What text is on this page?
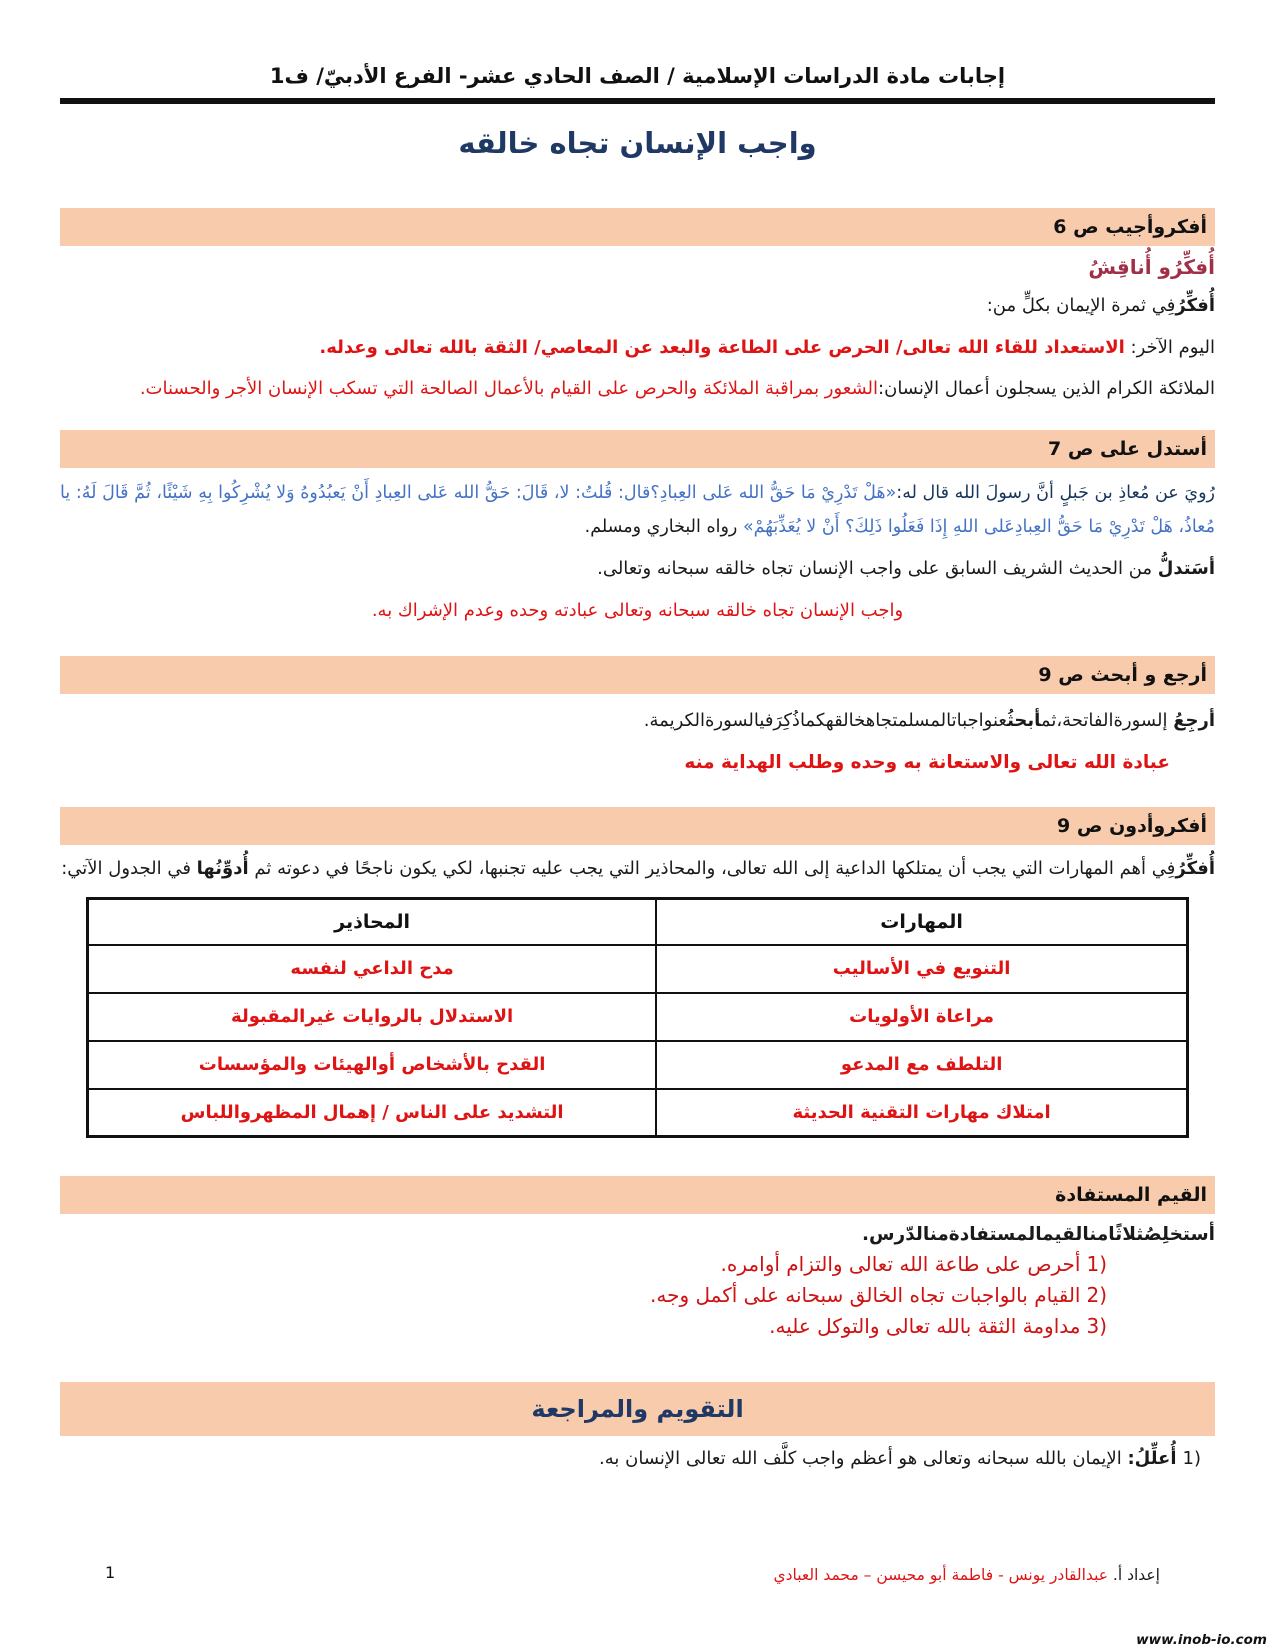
إجابات مادة الدراسات الإسلامية / الصف الحادي عشر- الفرع الأدبيّ/ ف1
واجب الإنسان تجاه خالقه
أفكروأجيب ص 6
أُفكِّرُو أُناقِشُ
أُفكِّرُفِي ثمرة الإيمان بكلٍّ من:
اليوم الآخر: الاستعداد للقاء الله تعالى/ الحرص على الطاعة والبعد عن المعاصي/ الثقة بالله تعالى وعدله.
الملائكة الكرام الذين يسجلون أعمال الإنسان:الشعور بمراقبة الملائكة والحرص على القيام بالأعمال الصالحة التي تسكب الإنسان الأجر والحسنات.
أستدل على ص 7
رُويَ عن مُعاذِ بن جَبلٍ أنَّ رسولَ الله قال له:«هَلْ تَدْرِيْ مَا حَقُّ الله عَلى العِبادِ؟قال: قُلتُ: لا، قَالَ: حَقُّ الله عَلى العِبادِ أَنْ يَعبُدُوهُ وَلا يُشْرِكُوا بِهِ شَيْئًا، ثُمَّ قَالَ لَهُ: يا مُعاذُ، هَلْ تَدْرِيْ مَا حَقُّ العِبادِعَلى اللهِ إِذَا فَعَلُوا ذَلِكَ؟ أَنْ لا يُعَذِّبَهُمْ» رواه البخاري ومسلم.
أسَتدلُّ من الحديث الشريف السابق على واجب الإنسان تجاه خالقه سبحانه وتعالى.
واجب الإنسان تجاه خالقه سبحانه وتعالى عبادته وحده وعدم الإشراك به.
أرجع و أبحث ص 9
أرجِعُ إلسورةالفاتحة،ثمأبحثُعنواجباتالمسلمتجاهخالقهكماذُكِرَفيالسورةالكريمة.
عبادة الله تعالى والاستعانة به وحده وطلب الهداية منه
أفكروأدون ص 9
أُفكِّرُفِي أهم المهارات التي يجب أن يمتلكها الداعية إلى الله تعالى، والمحاذير التي يجب عليه تجنبها، لكي يكون ناجحًا في دعوته ثم أُدوِّنُها في الجدول الآتي:
المهارات	المحاذير
التنويع في الأساليب	مدح الداعي لنفسه
مراعاة الأولويات	الاستدلال بالروايات غيرالمقبولة
التلطف مع المدعو	القدح بالأشخاص أوالهيئات والمؤسسات
امتلاك مهارات التقنية الحديثة	التشديد على الناس / إهمال المظهرواللباس
القيم المستفادة
أستخلِصُثلاثًامنالقيمالمستفادةمنالدّرس.
1)أحرص على طاعة الله تعالى والتزام أوامره.
2)القيام بالواجبات تجاه الخالق سبحانه على أكمل وجه.
3)مداومة الثقة بالله تعالى والتوكل عليه.
التقويم والمراجعة
1)أُعلِّلُ: الإيمان بالله سبحانه وتعالى هو أعظم واجب كلَّف الله تعالى الإنسان به.
إعداد أ. عبدالقادر يونس - فاطمة أبو محيسن – محمد العبادي
1
www.inob-io.com
